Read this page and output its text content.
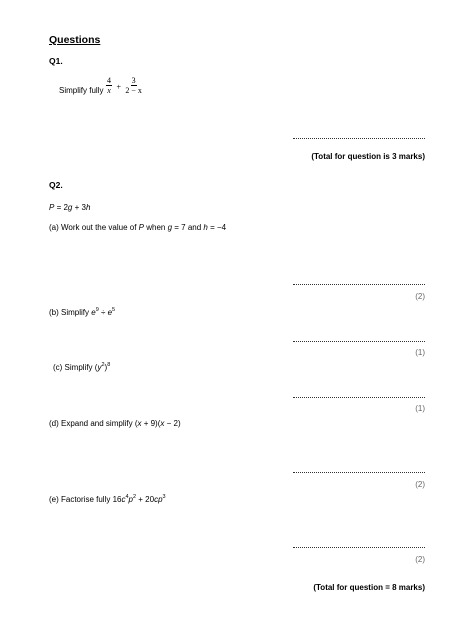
Questions
Q1.
Simplify fully $\frac{4}{x} + \frac{3}{2 - x}$
(Total for question is 3 marks)
Q2.
P = 2g + 3h
(a) Work out the value of P when g = 7 and h = −4
(2)
(b) Simplify $e^9 \div e^5$
(1)
(c) Simplify $(y^2)^8$
(1)
(d) Expand and simplify (x + 9)(x − 2)
(2)
(e) Factorise fully $16c^4p^2 + 20cp^3$
(2)
(Total for question = 8 marks)
